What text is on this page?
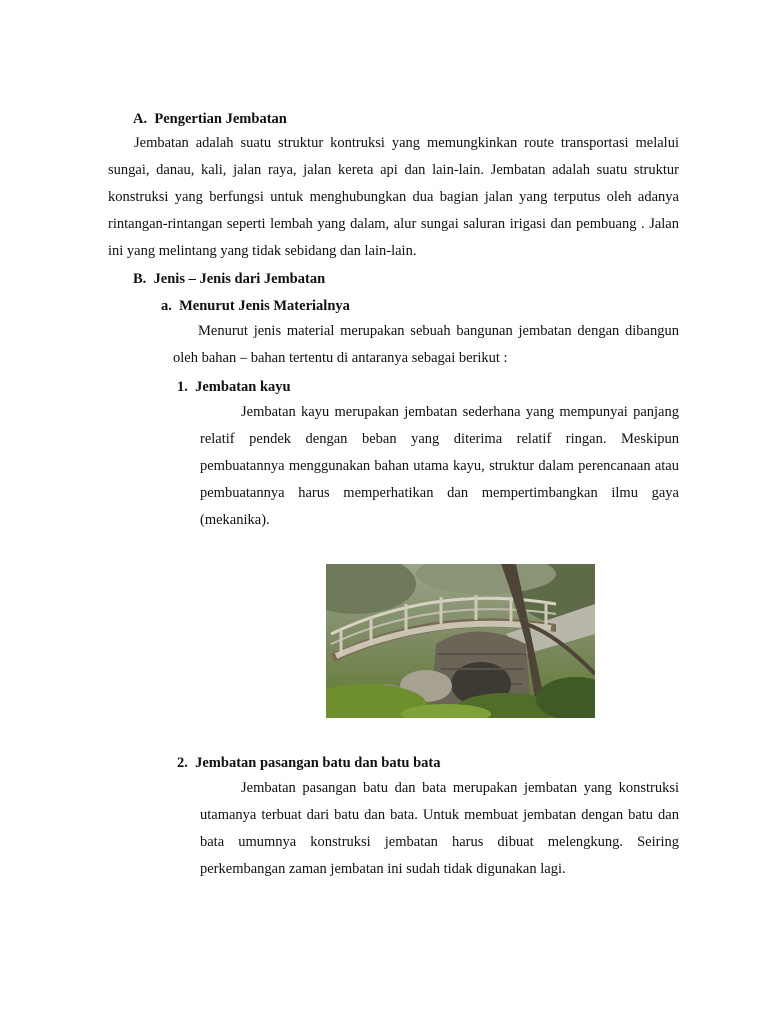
A.  Pengertian Jembatan
Jembatan adalah suatu struktur kontruksi yang memungkinkan route transportasi melalui sungai, danau, kali, jalan raya, jalan kereta api dan lain-lain. Jembatan adalah suatu struktur konstruksi yang berfungsi untuk menghubungkan dua bagian jalan yang terputus oleh adanya rintangan-rintangan seperti lembah yang dalam, alur sungai saluran irigasi dan pembuang . Jalan ini yang melintang yang tidak sebidang dan lain-lain.
B.  Jenis – Jenis dari Jembatan
a.  Menurut Jenis Materialnya
Menurut jenis material merupakan sebuah bangunan jembatan dengan dibangun oleh bahan – bahan tertentu di antaranya sebagai berikut :
1.  Jembatan kayu
Jembatan kayu merupakan jembatan sederhana yang mempunyai panjang relatif pendek dengan beban yang diterima relatif ringan. Meskipun pembuatannya menggunakan bahan utama kayu, struktur dalam perencanaan atau pembuatannya harus memperhatikan dan mempertimbangkan ilmu gaya (mekanika).
2.  Jembatan pasangan batu dan batu bata
Jembatan pasangan batu dan bata merupakan jembatan yang konstruksi utamanya terbuat dari batu dan bata. Untuk membuat jembatan dengan batu dan bata umumnya konstruksi jembatan harus dibuat melengkung. Seiring perkembangan zaman jembatan ini sudah tidak digunakan lagi.
